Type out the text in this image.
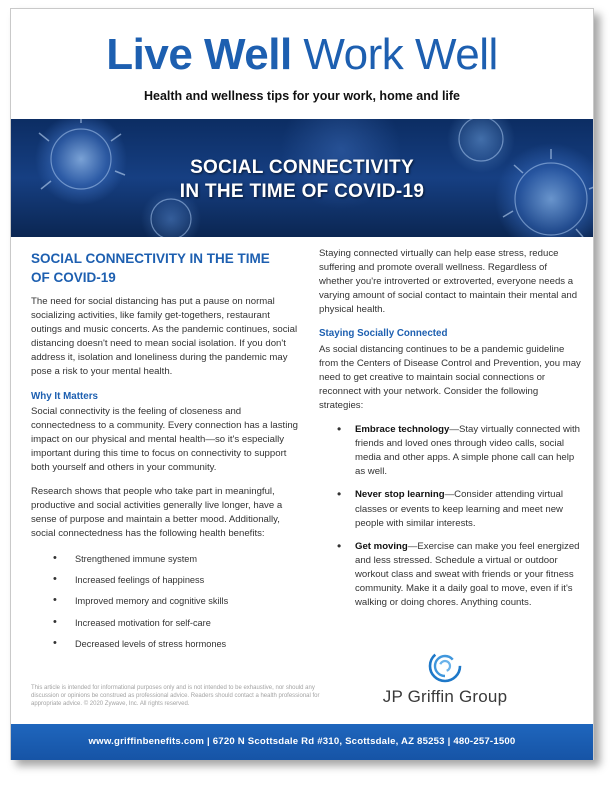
Live Well Work Well
Health and wellness tips for your work, home and life
SOCIAL CONNECTIVITY
IN THE TIME OF COVID-19
SOCIAL CONNECTIVITY IN THE TIME
OF COVID-19

The need for social distancing has put a pause on normal socializing activities, like family get-togethers, restaurant outings and music concerts. As the pandemic continues, social distancing doesn't need to mean social isolation. If you don't address it, isolation and loneliness during the pandemic may pose a risk to your mental health.

Why It Matters

Social connectivity is the feeling of closeness and connectedness to a community. Every connection has a lasting impact on our physical and mental health—so it's especially important during this time to focus on connectivity to support both yourself and others in your community.

Research shows that people who take part in meaningful, productive and social activities generally live longer, have a sense of purpose and maintain a better mood. Additionally, social connectedness has the following health benefits:

• Strengthened immune system
• Increased feelings of happiness
• Improved memory and cognitive skills
• Increased motivation for self-care
• Decreased levels of stress hormones

Staying connected virtually can help ease stress, reduce suffering and promote overall wellness. Regardless of whether you're introverted or extroverted, everyone needs a varying amount of social contact to maintain their mental and physical health.

Staying Socially Connected

As social distancing continues to be a pandemic guideline from the Centers of Disease Control and Prevention, you may need to get creative to maintain social connections or reconnect with your network. Consider the following strategies:

• Embrace technology—Stay virtually connected with friends and loved ones through video calls, social media and other apps. A simple phone call can help as well.
• Never stop learning—Consider attending virtual classes or events to keep learning and meet new people with similar interests.
• Get moving—Exercise can make you feel energized and less stressed. Schedule a virtual or outdoor workout class and sweat with friends or your fitness community. Make it a daily goal to move, even if it's walking or doing chores. Anything counts.
This article is intended for informational purposes only and is not intended to be exhaustive, nor should any discussion or opinions be construed as professional advice. Readers should contact a health professional for appropriate advice. © 2020 Zywave, Inc. All rights reserved.	JP Griffin Group
www.griffinbenefits.com | 6720 N Scottsdale Rd #310, Scottsdale, AZ 85253 | 480-257-1500
